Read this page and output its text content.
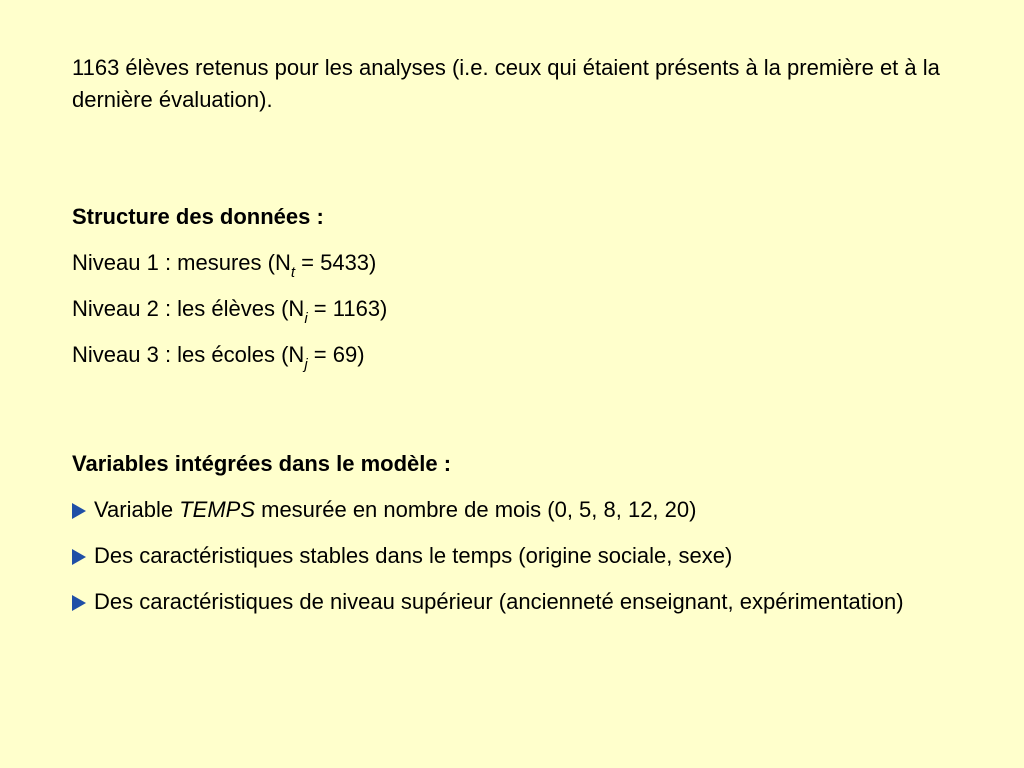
1163 élèves retenus pour les analyses (i.e. ceux qui étaient présents à la première et à la dernière évaluation).

Structure des données :

Niveau 1 : mesures $(N_t = 5433)$

Niveau 2 : les élèves $(N_i = 1163)$

Niveau 3 : les écoles $(N_j = 69)$

Variables intégrées dans le modèle :

Variable TEMPS mesurée en nombre de mois (0, 5, 8, 12, 20)

Des caractéristiques stables dans le temps (origine sociale, sexe)

Des caractéristiques de niveau supérieur (ancienneté enseignant, expérimentation)
